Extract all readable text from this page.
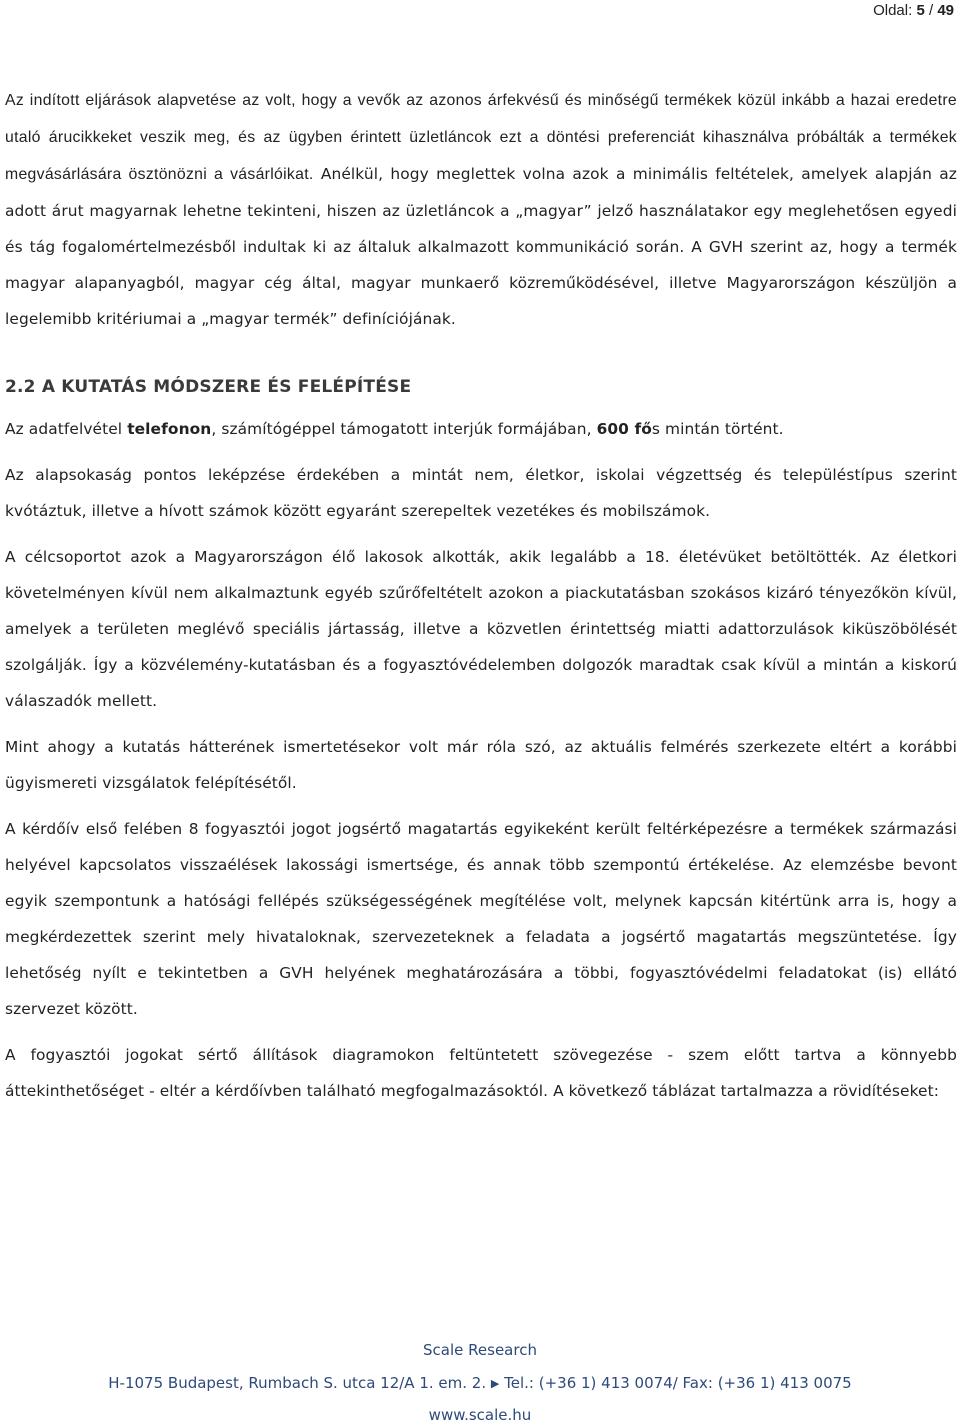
Oldal: 5 / 49

Az indított eljárások alapvetése az volt, hogy a vevők az azonos árfekvésű és minőségű termékek közül inkább a hazai eredetre utaló árucikkeket veszik meg, és az ügyben érintett üzletláncok ezt a döntési preferenciát kihasználva próbálták a termékek megvásárlására ösztönözni a vásárlóikat. Anélkül, hogy meglettek volna azok a minimális feltételek, amelyek alapján az adott árut magyarnak lehetne tekinteni, hiszen az üzletláncok a „magyar” jelző használatakor egy meglehetősen egyedi és tág fogalomértelmezésből indultak ki az általuk alkalmazott kommunikáció során. A GVH szerint az, hogy a termék magyar alapanyagból, magyar cég által, magyar munkaerő közreműködésével, illetve Magyarországon készüljön a legelemibb kritériumai a „magyar termék” definíciójának.

2.2 A KUTATÁS MÓDSZERE ÉS FELÉPÍTÉSE

Az adatfelvétel telefonon, számítógéppel támogatott interjúk formájában, 600 fős mintán történt.

Az alapsokaság pontos leképzése érdekében a mintát nem, életkor, iskolai végzettség és településtípus szerint kvótáztuk, illetve a hívott számok között egyaránt szerepeltek vezetékes és mobilszámok.

A célcsoportot azok a Magyarországon élő lakosok alkották, akik legalább a 18. életévüket betöltötték. Az életkori követelményen kívül nem alkalmaztunk egyéb szűrőfeltételt azokon a piackutatásban szokásos kizáró tényezőkön kívül, amelyek a területen meglévő speciális jártasság, illetve a közvetlen érintettség miatti adattorzulások kiküszöbölését szolgálják. Így a közvélemény-kutatásban és a fogyasztóvédelemben dolgozók maradtak csak kívül a mintán a kiskorú válaszadók mellett.

Mint ahogy a kutatás hátterének ismertetésekor volt már róla szó, az aktuális felmérés szerkezete eltért a korábbi ügyismereti vizsgálatok felépítésétől.

A kérdőív első felében 8 fogyasztói jogot jogsértő magatartás egyikeként került feltérképezésre a termékek származási helyével kapcsolatos visszaélések lakossági ismertsége, és annak több szempontú értékelése. Az elemzésbe bevont egyik szempontunk a hatósági fellépés szükségességének megítélése volt, melynek kapcsán kitértünk arra is, hogy a megkérdezettek szerint mely hivataloknak, szervezeteknek a feladata a jogsértő magatartás megszüntetése. Így lehetőség nyílt e tekintetben a GVH helyének meghatározására a többi, fogyasztóvédelmi feladatokat (is) ellátó szervezet között.

A fogyasztói jogokat sértő állítások diagramokon feltüntetett szövegezése - szem előtt tartva a könnyebb áttekinthetőséget - eltér a kérdőívben található megfogalmazásoktól. A következő táblázat tartalmazza a rövidítéseket:

Scale Research
H-1075 Budapest, Rumbach S. utca 12/A 1. em. 2. ▶ Tel.: (+36 1) 413 0074/ Fax: (+36 1) 413 0075
www.scale.hu
